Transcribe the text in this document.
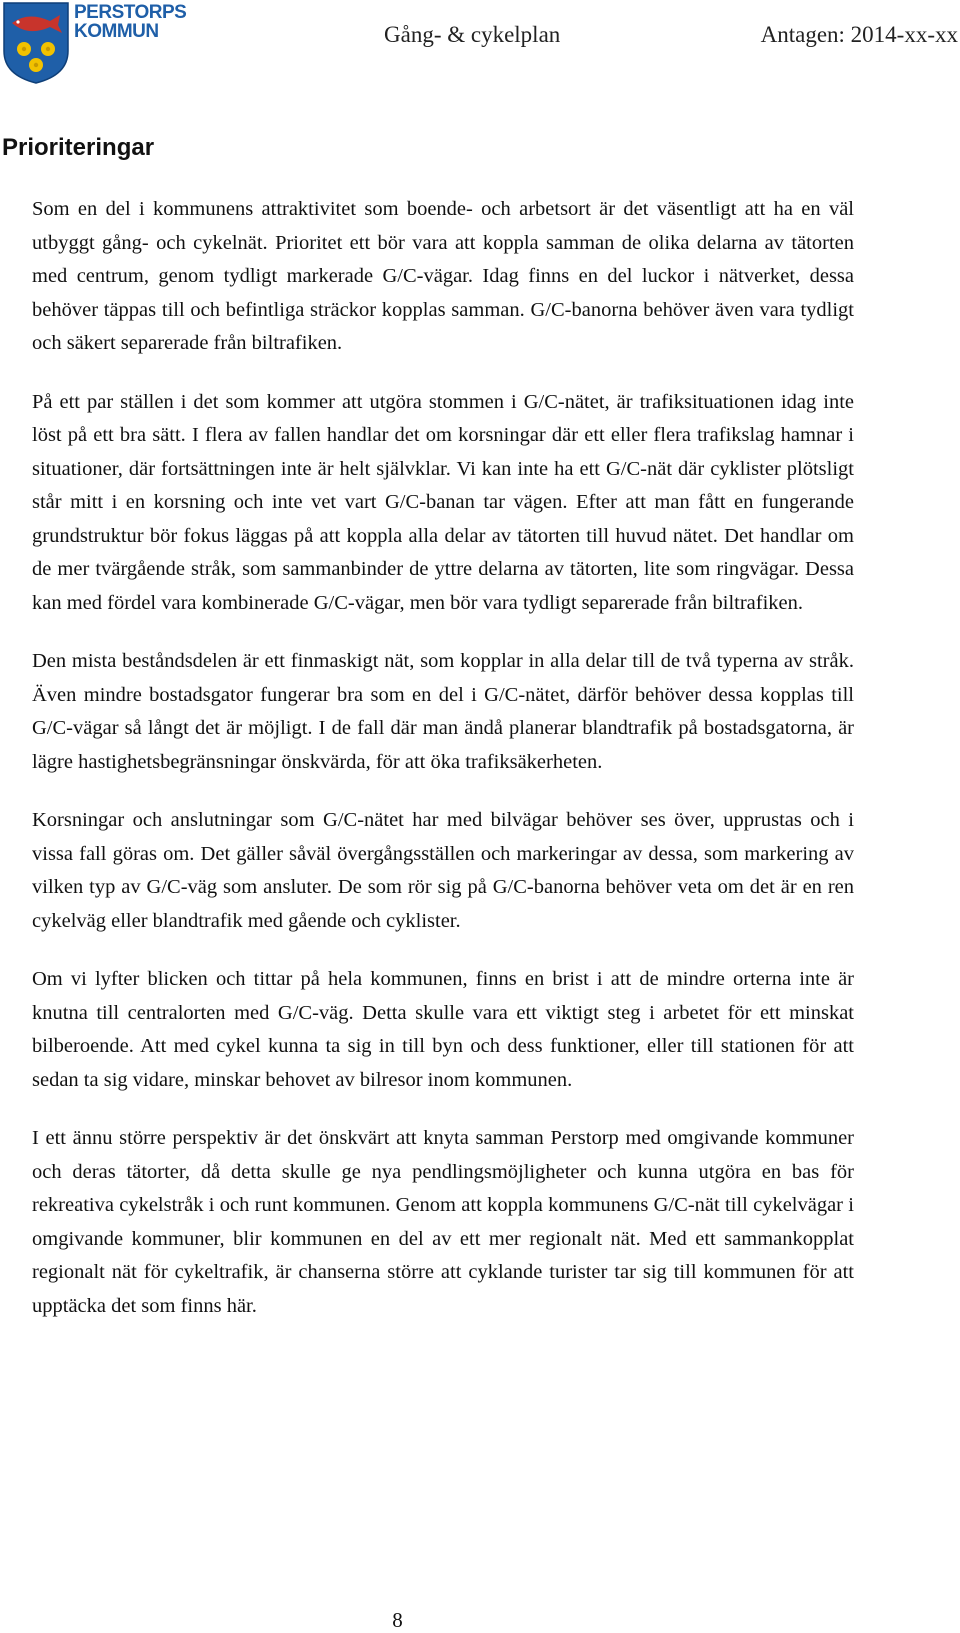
PERSTORPS
KOMMUN	Gång- & cykelplan	Antagen: 2014-xx-xx
Prioriteringar

Som en del i kommunens attraktivitet som boende- och arbetsort är det väsentligt att ha en väl utbyggt gång- och cykelnät. Prioritet ett bör vara att koppla samman de olika delarna av tätorten med centrum, genom tydligt markerade G/C-vägar. Idag finns en del luckor i nätverket, dessa behöver täppas till och befintliga sträckor kopplas samman. G/C-banorna behöver även vara tydligt och säkert separerade från biltrafiken.

På ett par ställen i det som kommer att utgöra stommen i G/C-nätet, är trafiksituationen idag inte löst på ett bra sätt. I flera av fallen handlar det om korsningar där ett eller flera trafikslag hamnar i situationer, där fortsättningen inte är helt självklar. Vi kan inte ha ett G/C-nät där cyklister plötsligt står mitt i en korsning och inte vet vart G/C-banan tar vägen. Efter att man fått en fungerande grundstruktur bör fokus läggas på att koppla alla delar av tätorten till huvud nätet. Det handlar om de mer tvärgående stråk, som sammanbinder de yttre delarna av tätorten, lite som ringvägar. Dessa kan med fördel vara kombinerade G/C-vägar, men bör vara tydligt separerade från biltrafiken.

Den mista beståndsdelen är ett finmaskigt nät, som kopplar in alla delar till de två typerna av stråk. Även mindre bostadsgator fungerar bra som en del i G/C-nätet, därför behöver dessa kopplas till G/C-vägar så långt det är möjligt. I de fall där man ändå planerar blandtrafik på bostadsgatorna, är lägre hastighetsbegränsningar önskvärda, för att öka trafiksäkerheten.

Korsningar och anslutningar som G/C-nätet har med bilvägar behöver ses över, upprustas och i vissa fall göras om. Det gäller såväl övergångsställen och markeringar av dessa, som markering av vilken typ av G/C-väg som ansluter. De som rör sig på G/C-banorna behöver veta om det är en ren cykelväg eller blandtrafik med gående och cyklister.

Om vi lyfter blicken och tittar på hela kommunen, finns en brist i att de mindre orterna inte är knutna till centralorten med G/C-väg. Detta skulle vara ett viktigt steg i arbetet för ett minskat bilberoende. Att med cykel kunna ta sig in till byn och dess funktioner, eller till stationen för att sedan ta sig vidare, minskar behovet av bilresor inom kommunen.

I ett ännu större perspektiv är det önskvärt att knyta samman Perstorp med omgivande kommuner och deras tätorter, då detta skulle ge nya pendlingsmöjligheter och kunna utgöra en bas för rekreativa cykelstråk i och runt kommunen. Genom att koppla kommunens G/C-nät till cykelvägar i omgivande kommuner, blir kommunen en del av ett mer regionalt nät. Med ett sammankopplat regionalt nät för cykeltrafik, är chanserna större att cyklande turister tar sig till kommunen för att upptäcka det som finns här.

8
